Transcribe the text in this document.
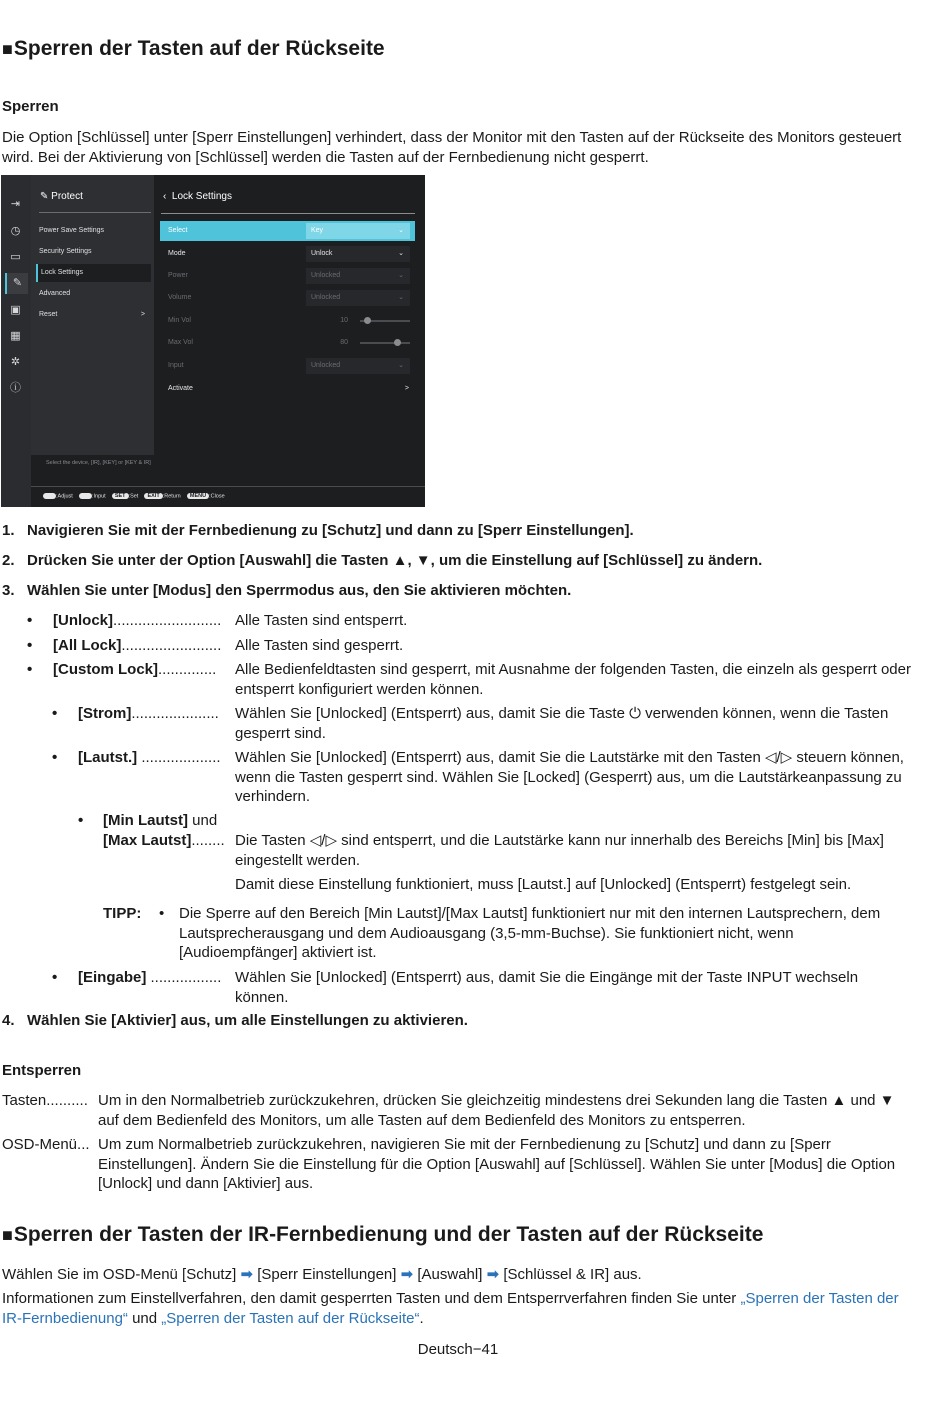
■Sperren der Tasten auf der Rückseite
Sperren
Die Option [Schlüssel] unter [Sperr Einstellungen] verhindert, dass der Monitor mit den Tasten auf der Rückseite des Monitors gesteuert wird. Bei der Aktivierung von [Schlüssel] werden die Tasten auf der Fernbedienung nicht gesperrt.
⇥
◷
▭
✎
▣
▦
✲
ⓘ
✎ Protect
Power Save Settings
Security Settings
Lock Settings
Advanced
Reset	>
‹ Lock Settings
Select	Key	⌄
Mode	Unlock	⌄
Power	Unlocked	⌄
Volume	Unlocked	⌄
Min Vol	10
Max Vol	80
Input	Unlocked	⌄
Activate	>
Select the device, [IR], [KEY] or [KEY & IR]
:Adjust	:Input SET :Set EXIT :Return MENU :Close
1. Navigieren Sie mit der Fernbedienung zu [Schutz] und dann zu [Sperr Einstellungen].
2. Drücken Sie unter der Option [Auswahl] die Tasten ▲, ▼, um die Einstellung auf [Schlüssel] zu ändern.
3. Wählen Sie unter [Modus] den Sperrmodus aus, den Sie aktivieren möchten.
• [Unlock].......................... Alle Tasten sind entsperrt.
• [All Lock]........................ Alle Tasten sind gesperrt.
• [Custom Lock].............. Alle Bedienfeldtasten sind gesperrt, mit Ausnahme der folgenden Tasten, die einzeln als gesperrt oder entsperrt konfiguriert werden können.
• [Strom]..................... Wählen Sie [Unlocked] (Entsperrt) aus, damit Sie die Taste ⏻ verwenden können, wenn die Tasten gesperrt sind.
• [Lautst.] ................... Wählen Sie [Unlocked] (Entsperrt) aus, damit Sie die Lautstärke mit den Tasten ◁/▷ steuern können, wenn die Tasten gesperrt sind. Wählen Sie [Locked] (Gesperrt) aus, um die Lautstärkeanpassung zu verhindern.
• [Min Lautst] und
[Max Lautst]........ Die Tasten ◁/▷ sind entsperrt, und die Lautstärke kann nur innerhalb des Bereichs [Min] bis [Max] eingestellt werden.
Damit diese Einstellung funktioniert, muss [Lautst.] auf [Unlocked] (Entsperrt) festgelegt sein.
TIPP: • Die Sperre auf den Bereich [Min Lautst]/[Max Lautst] funktioniert nur mit den internen Lautsprechern, dem Lautsprecherausgang und dem Audioausgang (3,5-mm-Buchse). Sie funktioniert nicht, wenn [Audioempfänger] aktiviert ist.
• [Eingabe] ................. Wählen Sie [Unlocked] (Entsperrt) aus, damit Sie die Eingänge mit der Taste INPUT wechseln können.
4. Wählen Sie [Aktivier] aus, um alle Einstellungen zu aktivieren.
Entsperren
Tasten.......... Um in den Normalbetrieb zurückzukehren, drücken Sie gleichzeitig mindestens drei Sekunden lang die Tasten ▲ und ▼ auf dem Bedienfeld des Monitors, um alle Tasten auf dem Bedienfeld des Monitors zu entsperren.
OSD-Menü... Um zum Normalbetrieb zurückzukehren, navigieren Sie mit der Fernbedienung zu [Schutz] und dann zu [Sperr Einstellungen]. Ändern Sie die Einstellung für die Option [Auswahl] auf [Schlüssel]. Wählen Sie unter [Modus] die Option [Unlock] und dann [Aktivier] aus.
■Sperren der Tasten der IR-Fernbedienung und der Tasten auf der Rückseite
Wählen Sie im OSD-Menü [Schutz] ➡ [Sperr Einstellungen] ➡ [Auswahl] ➡ [Schlüssel & IR] aus.
Informationen zum Einstellverfahren, den damit gesperrten Tasten und dem Entsperrverfahren finden Sie unter „Sperren der Tasten der IR-Fernbedienung“ und „Sperren der Tasten auf der Rückseite“.
Deutsch−41
